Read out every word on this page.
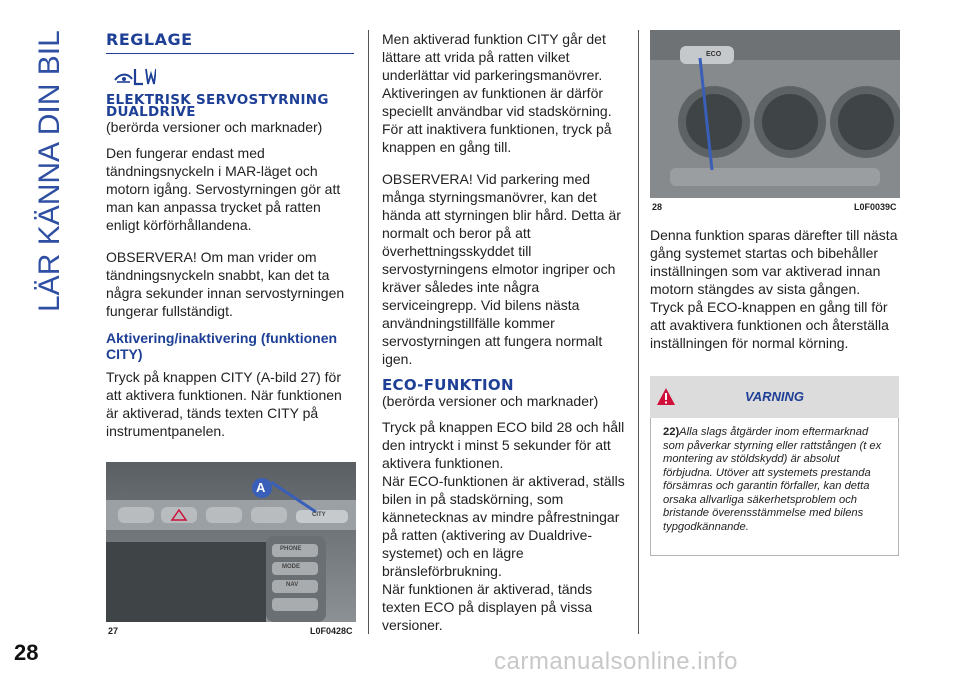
LÄR KÄNNA DIN BIL
28
REGLAGE
ELEKTRISK SERVOSTYRNING DUALDRIVE

(berörda versioner och marknader)

Den fungerar endast med tändningsnyckeln i MAR-läget och motorn igång. Servostyrningen gör att man kan anpassa trycket på ratten enligt körförhållandena.

OBSERVERA! Om man vrider om tändningsnyckeln snabbt, kan det ta några sekunder innan servostyrningen fungerar fullständigt.

Aktivering/inaktivering (funktionen CITY)

Tryck på knappen CITY (A-bild 27) för att aktivera funktionen. När funktionen är aktiverad, tänds texten CITY på instrumentpanelen.

A
CITY
PHONE
MODE
NAV
27	L0F0428C

Men aktiverad funktion CITY går det lättare att vrida på ratten vilket underlättar vid parkeringsmanövrer. Aktiveringen av funktionen är därför speciellt användbar vid stadskörning. För att inaktivera funktionen, tryck på knappen en gång till.

OBSERVERA! Vid parkering med många styrningsmanövrer, kan det hända att styrningen blir hård. Detta är normalt och beror på att överhettningsskyddet till servostyrningens elmotor ingriper och kräver således inte några serviceingrepp. Vid bilens nästa användningstillfälle kommer servostyrningen att fungera normalt igen.

ECO-FUNKTION

(berörda versioner och marknader)

Tryck på knappen ECO bild 28 och håll den intryckt i minst 5 sekunder för att aktivera funktionen.

När ECO-funktionen är aktiverad, ställs bilen in på stadskörning, som kännetecknas av mindre påfrestningar på ratten (aktivering av Dualdrive-systemet) och en lägre bränsleförbrukning.

När funktionen är aktiverad, tänds texten ECO på displayen på vissa versioner.

ECO
28	L0F0039C

Denna funktion sparas därefter till nästa gång systemet startas och bibehåller inställningen som var aktiverad innan motorn stängdes av sista gången.

Tryck på ECO-knappen en gång till för att avaktivera funktionen och återställa inställningen för normal körning.

VARNING

22)Alla slags åtgärder inom eftermarknad som påverkar styrning eller rattstången (t ex montering av stöldskydd) är absolut förbjudna. Utöver att systemets prestanda försämras och garantin förfaller, kan detta orsaka allvarliga säkerhetsproblem och bristande överensstämmelse med bilens typgodkännande.

carmanualsonline.info
